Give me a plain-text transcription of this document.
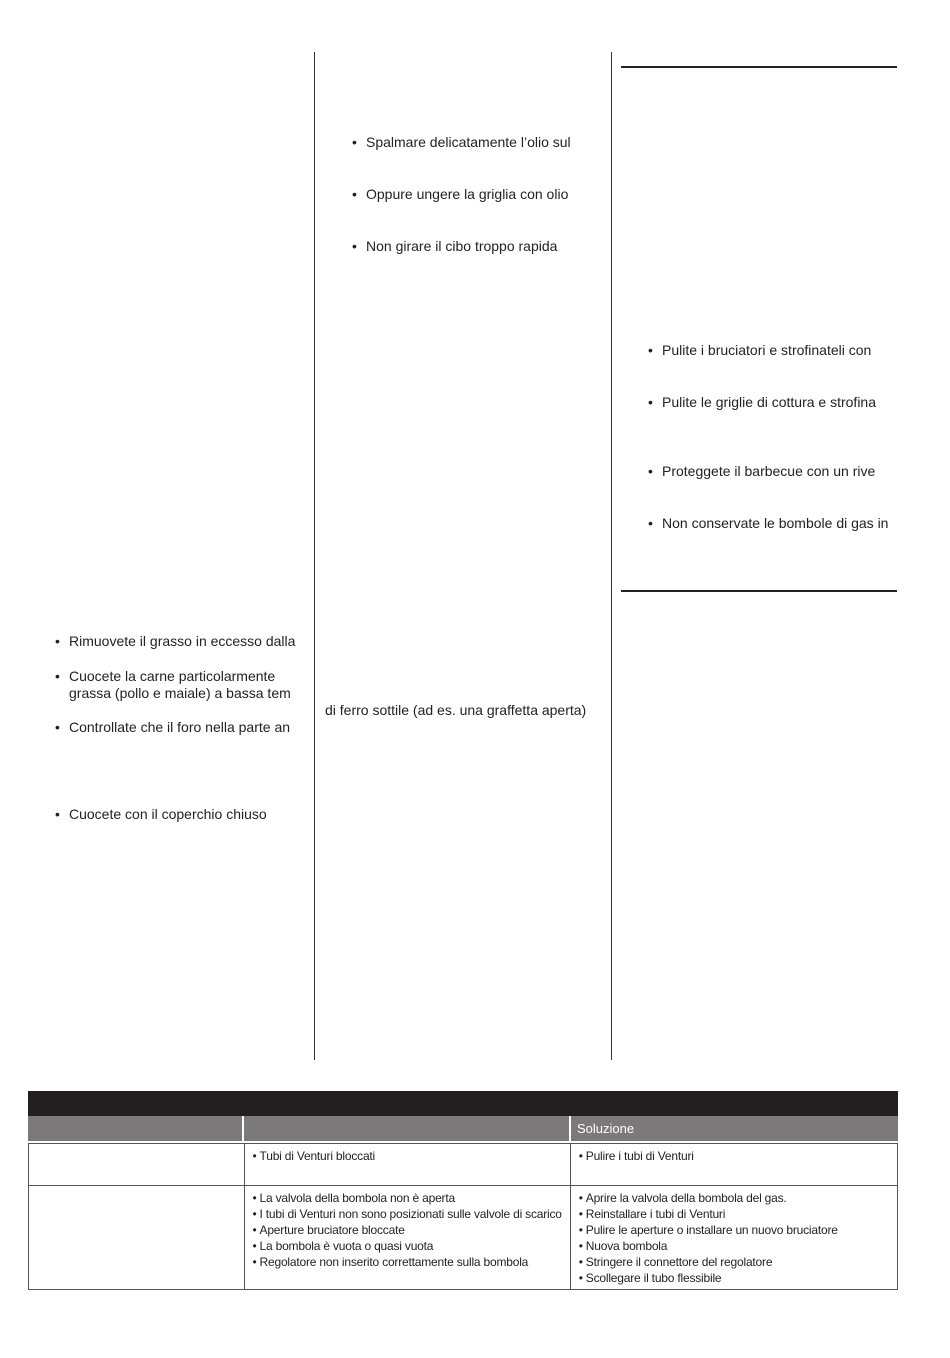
• Spalmare delicatamente l’olio sul
• Oppure ungere la griglia con olio
• Non girare il cibo troppo rapida
di ferro sottile (ad es. una graffetta aperta)
• Pulite i bruciatori e strofinateli con
• Pulite le griglie di cottura e strofina
• Proteggete il barbecue con un rive
• Non conservate le bombole di gas in
• Rimuovete il grasso in eccesso dalla
• Cuocete la carne particolarmente
grassa (pollo e maiale) a bassa tem
• Controllate che il foro nella parte an
• Cuocete con il coperchio chiuso
Soluzione
• Tubi di Venturi bloccati
•	Pulire i tubi di Venturi
• La valvola della bombola non è aperta
• I tubi di Venturi non sono posizionati sulle valvole di scarico
• Aperture bruciatore bloccate
• La bombola è vuota o quasi vuota
• Regolatore non inserito correttamente sulla bombola
• Aprire la valvola della bombola del gas.
• Reinstallare i tubi di Venturi
• Pulire le aperture o installare un nuovo bruciatore
• Nuova bombola
• Stringere il connettore del regolatore
• Scollegare il tubo flessibile
